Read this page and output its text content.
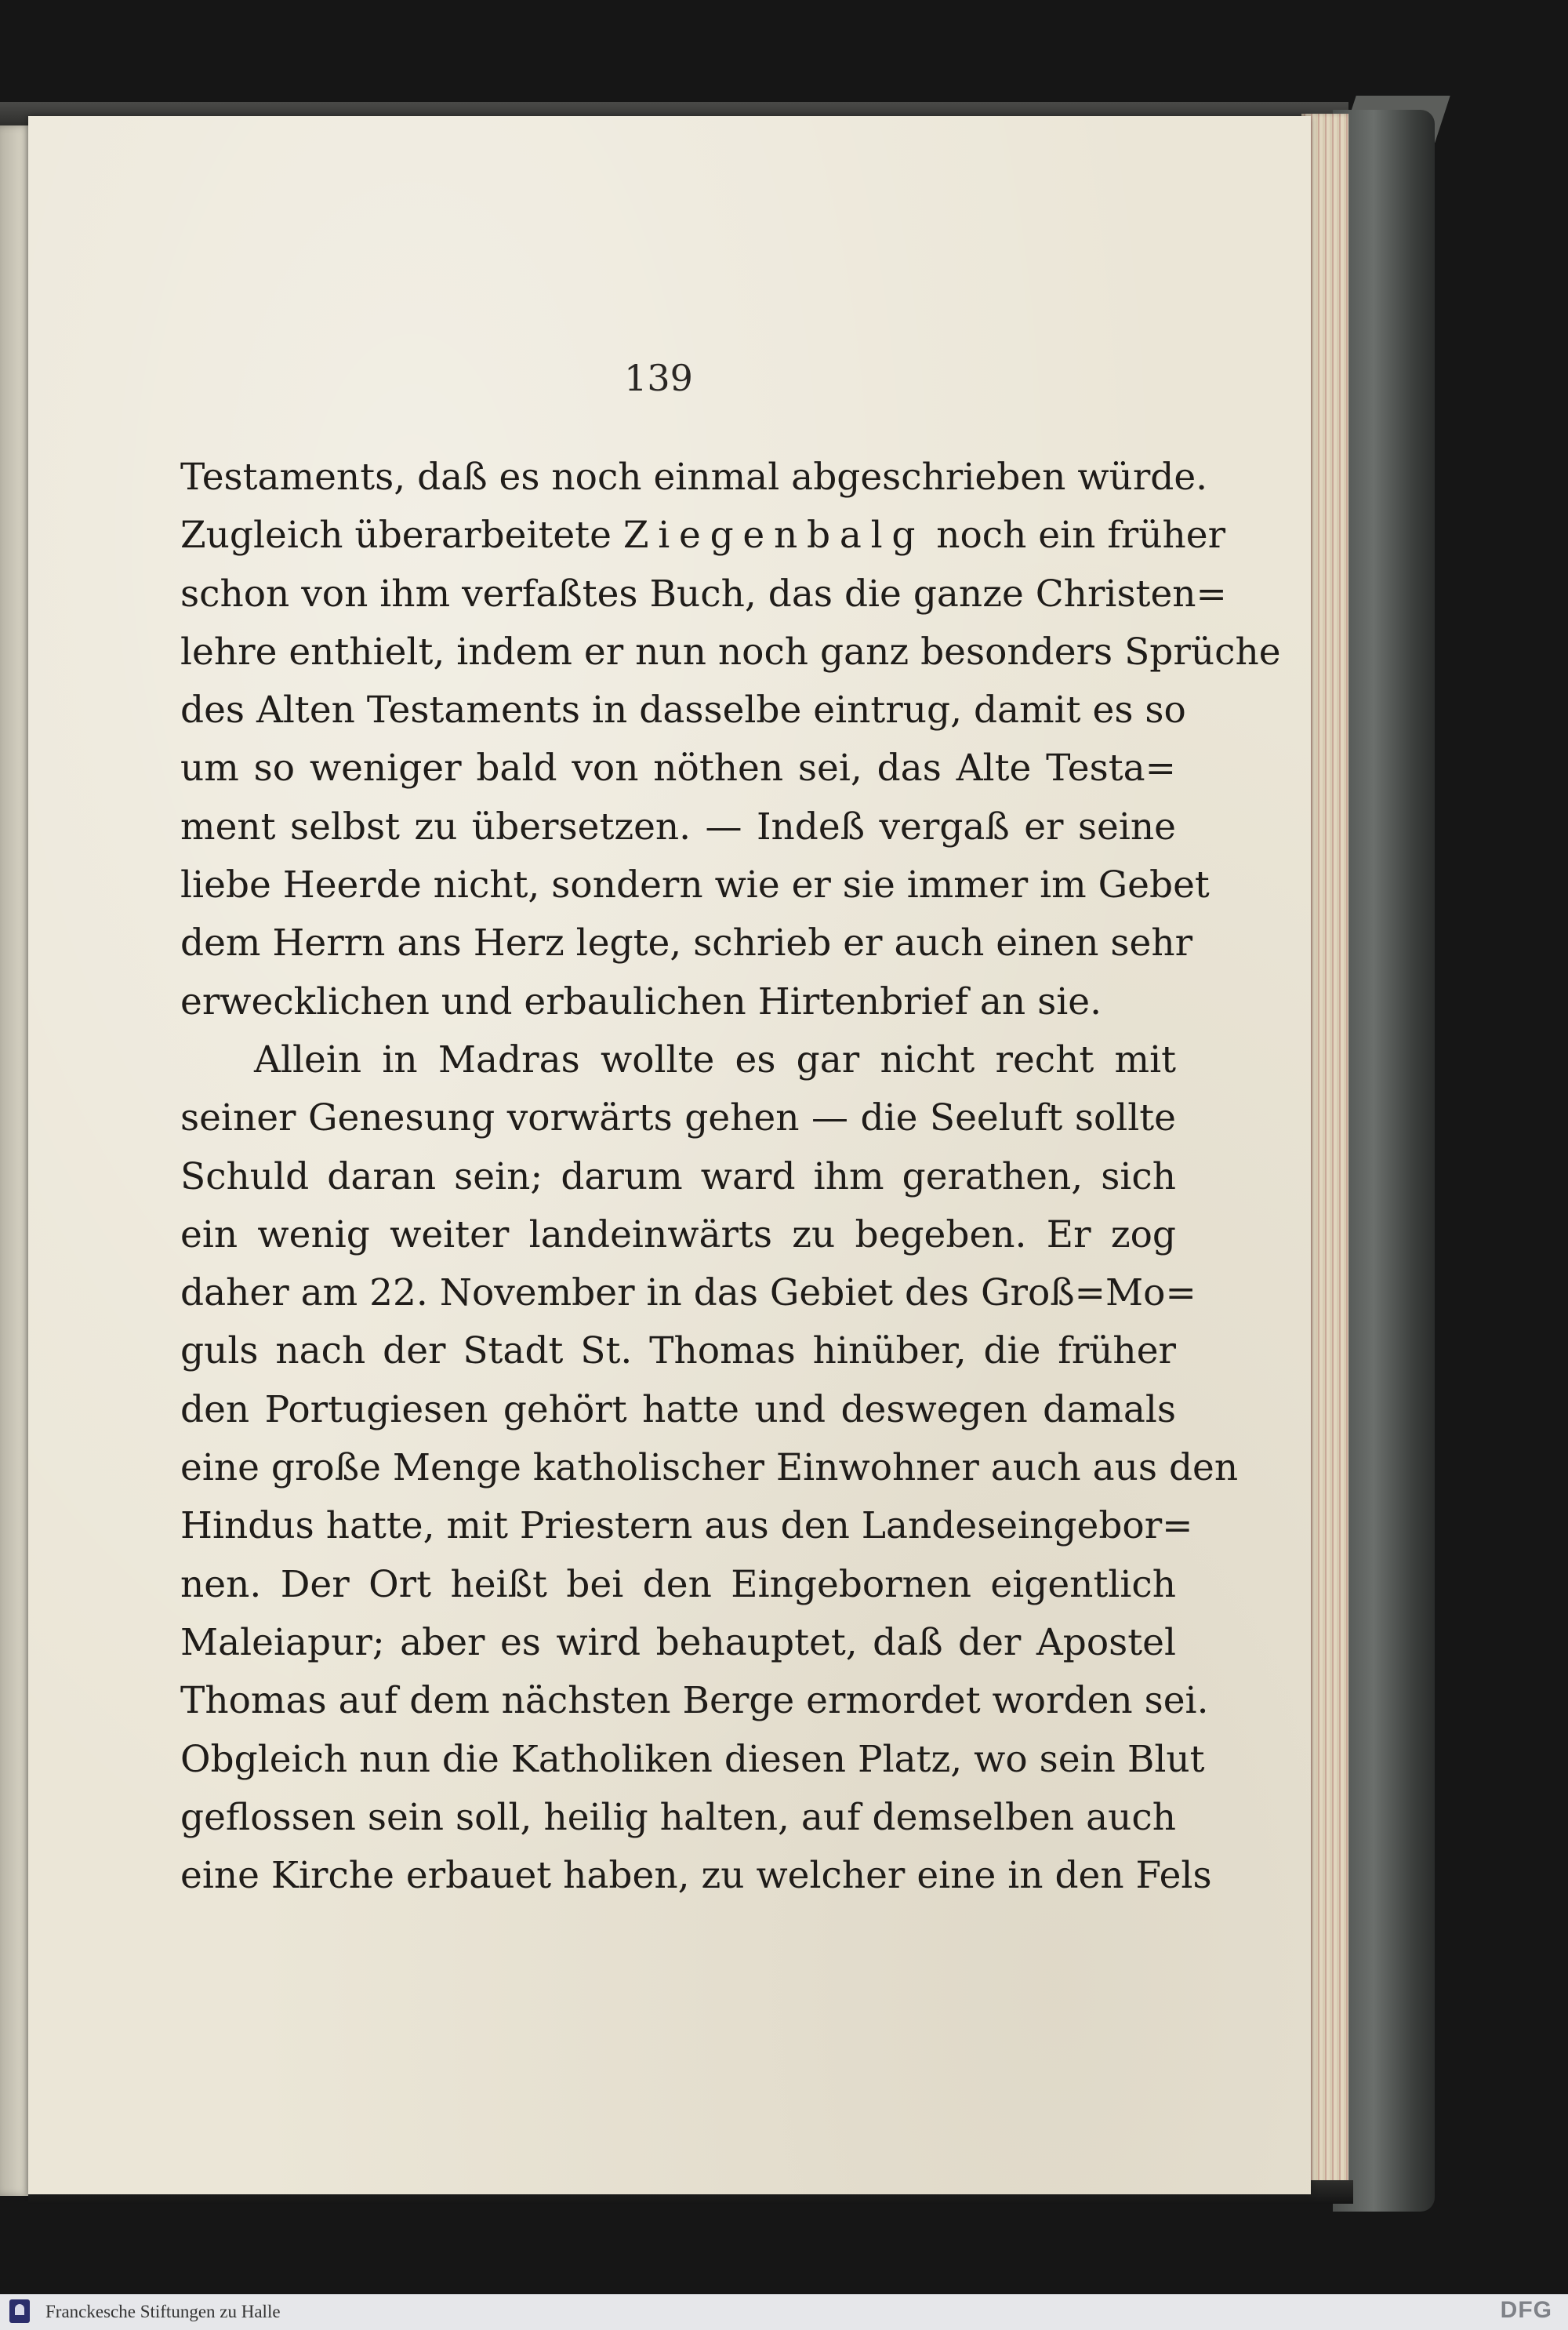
139
Testaments, daß es noch einmal abgeschrieben würde.
Zugleich überarbeitete Ziegenbalg noch ein früher
schon von ihm verfaßtes Buch, das die ganze Christen=
lehre enthielt, indem er nun noch ganz besonders Sprüche
des Alten Testaments in dasselbe eintrug, damit es so
um so weniger bald von nöthen sei, das Alte Testa=
ment selbst zu übersetzen. — Indeß vergaß er seine
liebe Heerde nicht, sondern wie er sie immer im Gebet
dem Herrn ans Herz legte, schrieb er auch einen sehr
erwecklichen und erbaulichen Hirtenbrief an sie.
Allein in Madras wollte es gar nicht recht mit
seiner Genesung vorwärts gehen — die Seeluft sollte
Schuld daran sein; darum ward ihm gerathen, sich
ein wenig weiter landeinwärts zu begeben. Er zog
daher am 22. November in das Gebiet des Groß=Mo=
guls nach der Stadt St. Thomas hinüber, die früher
den Portugiesen gehört hatte und deswegen damals
eine große Menge katholischer Einwohner auch aus den
Hindus hatte, mit Priestern aus den Landeseingebor=
nen. Der Ort heißt bei den Eingebornen eigentlich
Maleiapur; aber es wird behauptet, daß der Apostel
Thomas auf dem nächsten Berge ermordet worden sei.
Obgleich nun die Katholiken diesen Platz, wo sein Blut
geflossen sein soll, heilig halten, auf demselben auch
eine Kirche erbauet haben, zu welcher eine in den Fels
Franckesche Stiftungen zu Halle	DFG
